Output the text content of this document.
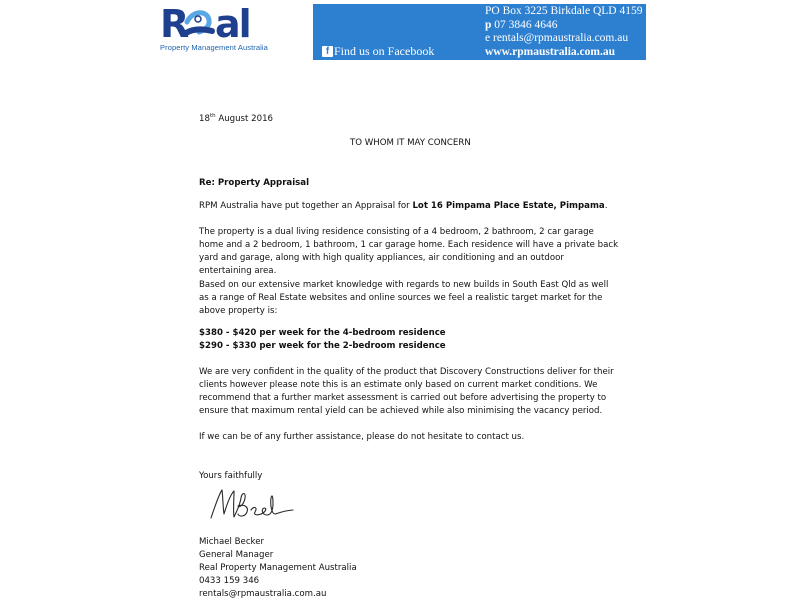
R al
Property Management Australia	f Find us on Facebook
PO Box 3225 Birkdale QLD 4159
p 07 3846 4646
e rentals@rpmaustralia.com.au
www.rpmaustralia.com.au
18th August 2016
TO WHOM IT MAY CONCERN
Re: Property Appraisal
RPM Australia have put together an Appraisal for Lot 16 Pimpama Place Estate, Pimpama.
The property is a dual living residence consisting of a 4 bedroom, 2 bathroom, 2 car garage home and a 2 bedroom, 1 bathroom, 1 car garage home. Each residence will have a private back yard and garage, along with high quality appliances, air conditioning and an outdoor entertaining area.
Based on our extensive market knowledge with regards to new builds in South East Qld as well as a range of Real Estate websites and online sources we feel a realistic target market for the above property is:
$380 - $420 per week for the 4-bedroom residence
$290 - $330 per week for the 2-bedroom residence
We are very confident in the quality of the product that Discovery Constructions deliver for their clients however please note this is an estimate only based on current market conditions. We recommend that a further market assessment is carried out before advertising the property to ensure that maximum rental yield can be achieved while also minimising the vacancy period.
If we can be of any further assistance, please do not hesitate to contact us.
Yours faithfully
Michael Becker
General Manager
Real Property Management Australia
0433 159 346
rentals@rpmaustralia.com.au
